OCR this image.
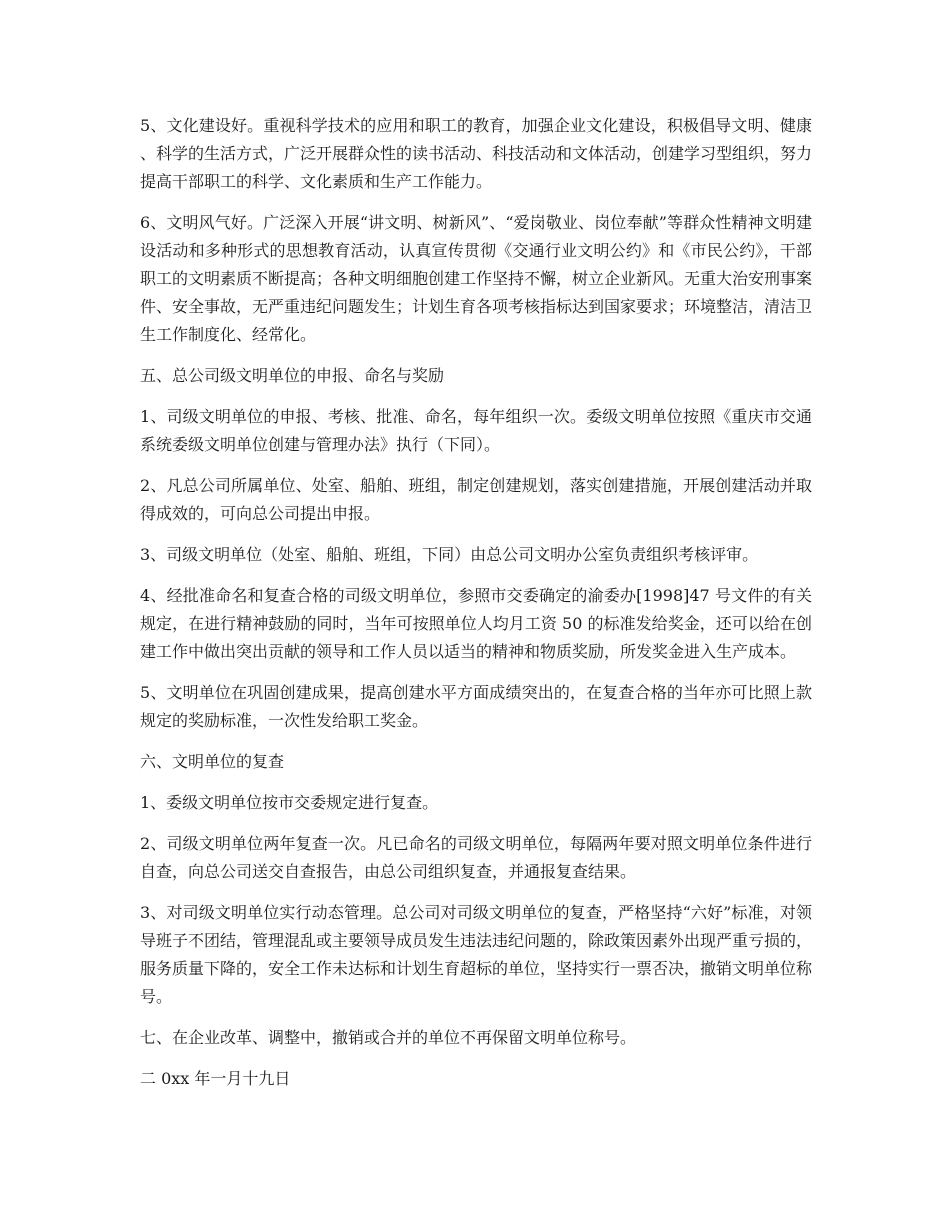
5、文化建设好。重视科学技术的应用和职工的教育，加强企业文化建设，积极倡导文明、健康、科学的生活方式，广泛开展群众性的读书活动、科技活动和文体活动，创建学习型组织，努力提高干部职工的科学、文化素质和生产工作能力。

6、文明风气好。广泛深入开展“讲文明、树新风”、“爱岗敬业、岗位奉献”等群众性精神文明建设活动和多种形式的思想教育活动，认真宣传贯彻《交通行业文明公约》和《市民公约》，干部职工的文明素质不断提高；各种文明细胞创建工作坚持不懈，树立企业新风。无重大治安刑事案件、安全事故，无严重违纪问题发生；计划生育各项考核指标达到国家要求；环境整洁，清洁卫生工作制度化、经常化。

五、总公司级文明单位的申报、命名与奖励

1、司级文明单位的申报、考核、批准、命名，每年组织一次。委级文明单位按照《重庆市交通系统委级文明单位创建与管理办法》执行（下同）。

2、凡总公司所属单位、处室、船舶、班组，制定创建规划，落实创建措施，开展创建活动并取得成效的，可向总公司提出申报。

3、司级文明单位（处室、船舶、班组，下同）由总公司文明办公室负责组织考核评审。

4、经批准命名和复查合格的司级文明单位，参照市交委确定的渝委办[1998]47 号文件的有关规定，在进行精神鼓励的同时，当年可按照单位人均月工资 50 的标准发给奖金，还可以给在创建工作中做出突出贡献的领导和工作人员以适当的精神和物质奖励，所发奖金进入生产成本。

5、文明单位在巩固创建成果，提高创建水平方面成绩突出的，在复查合格的当年亦可比照上款规定的奖励标准，一次性发给职工奖金。

六、文明单位的复查

1、委级文明单位按市交委规定进行复查。

2、司级文明单位两年复查一次。凡已命名的司级文明单位，每隔两年要对照文明单位条件进行自查，向总公司送交自查报告，由总公司组织复查，并通报复查结果。

3、对司级文明单位实行动态管理。总公司对司级文明单位的复查，严格坚持“六好”标准，对领导班子不团结，管理混乱或主要领导成员发生违法违纪问题的，除政策因素外出现严重亏损的，服务质量下降的，安全工作未达标和计划生育超标的单位，坚持实行一票否决，撤销文明单位称号。

七、在企业改革、调整中，撤销或合并的单位不再保留文明单位称号。

二 0xx 年一月十九日
